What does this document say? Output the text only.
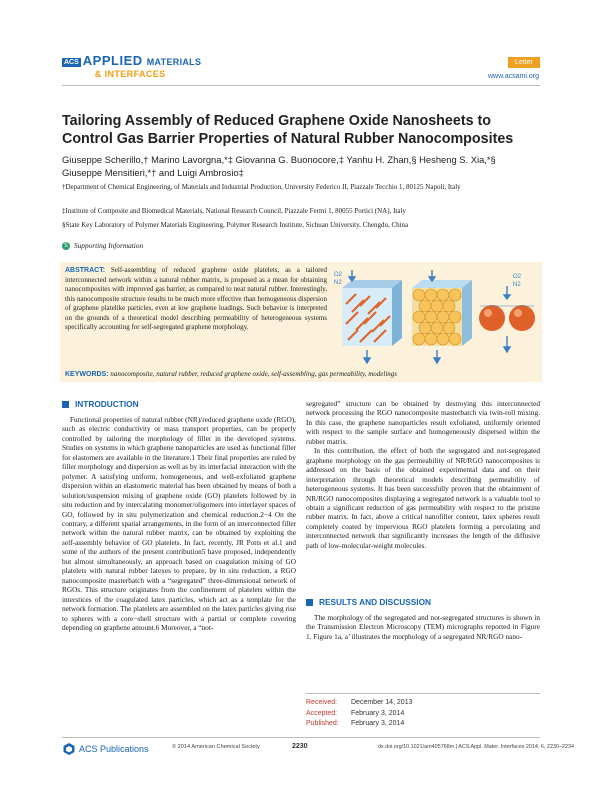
ACS APPLIED MATERIALS
& INTERFACES
Letter
www.acsami.org
Tailoring Assembly of Reduced Graphene Oxide Nanosheets to Control Gas Barrier Properties of Natural Rubber Nanocomposites
Giuseppe Scherillo,† Marino Lavorgna,*‡ Giovanna G. Buonocore,‡ Yanhu H. Zhan,§ Hesheng S. Xia,*§
Giuseppe Mensitieri,*† and Luigi Ambrosio‡
†Department of Chemical Engineering, of Materials and Industrial Production, University Federico II, Piazzale Tecchio 1, 80125 Napoli, Italy
‡Institute of Composite and Biomedical Materials, National Research Council, Piazzale Fermi 1, 80055 Portici (NA), Italy
§State Key Laboratory of Polymer Materials Engineering, Polymer Research Institute, Sichuan University, Chengdu, China
S Supporting Information
ABSTRACT: Self-assembling of reduced graphene oxide platelets, as a tailored interconnected network within a natural rubber matrix, is proposed as a mean for obtaining nanocomposites with improved gas barrier, as compared to neat natural rubber. Interestingly, this nanocomposite structure results to be much more effective than homogeneous dispersion of graphene platelike particles, even at low graphene loadings. Such behavior is interpreted on the grounds of a theoretical model describing permeability of heterogeneous systems specifically accounting for self-segregated graphene morphology.
O2
N2
O2
N2
KEYWORDS: nanocomposite, natural rubber, reduced graphene oxide, self-assembling, gas permeability, modelings
INTRODUCTION

Functional properties of natural rubber (NR)/reduced graphene oxide (RGO), such as electric conductivity or mass transport properties, can be properly controlled by tailoring the morphology of filler in the developed systems. Studies on systems in which graphene nanoparticles are used as functional filler for elastomers are available in the literature.1 Their final properties are ruled by filler morphology and dispersion as well as by its interfacial interaction with the polymer. A satisfying uniform, homogeneous, and well-exfoliated graphene dispersion within an elastomeric material has been obtained by means of both a solution/suspension mixing of graphene oxide (GO) platelets followed by in situ reduction and by intercalating monomer/oligomers into interlayer spaces of GO, followed by in situ polymerization and chemical reduction.2−4 On the contrary, a different spatial arrangements, in the form of an interconnected filler network within the natural rubber matrix, can be obtained by exploiting the self-assembly behavior of GO platelets. In fact, recently, JR Potts et al.1 and some of the authors of the present contribution5 have proposed, independently but almost simultaneously, an approach based on coagulation mixing of GO platelets with natural rubber latexes to prepare, by in situ reduction, a RGO nanocomposite masterbatch with a “segregated” three-dimensional network of RGOs. This structure originates from the confinement of platelets within the interstices of the coagulated latex particles, which act as a template for the network formation. The platelets are assembled on the latex particles giving rise to spheres with a core−shell structure with a partial or complete covering depending on graphene amount.6 Moreover, a “not-

segregated” structure can be obtained by destroying this interconnected network processing the RGO nanocomposite masterbatch via twin-roll mixing. In this case, the graphene nanoparticles result exfoliated, uniformly oriented with respect to the sample surface and homogeneously dispersed within the rubber matrix.

In this contribution, the effect of both the segregated and not-segregated graphene morphology on the gas permeability of NR/RGO nanocomposites is addressed on the basis of the obtained experimental data and on their interpretation through theoretical models describing permeability of heterogeneous systems. It has been successfully proven that the obtainment of NR/RGO nanocomposites displaying a segregated network is a valuable tool to obtain a significant reduction of gas permeability with respect to the pristine rubber matrix. In fact, above a critical nanofiller content, latex spheres result completely coated by impervious RGO platelets forming a percolating and interconnected network that significantly increases the length of the diffusive path of low-molecular-weight molecules.

RESULTS AND DISCUSSION

The morphology of the segregated and not-segregated structures is shown in the Transmission Electron Microscopy (TEM) micrographs reported in Figure 1. Figure 1a, a’ illustrates the morphology of a segregated NR/RGO nano-

Received:	December 14, 2013
Accepted:	February 3, 2014
Published:	February 3, 2014
ACS Publications	© 2014 American Chemical Society	2230	dx.doi.org/10.1021/am405768m | ACS Appl. Mater. Interfaces 2014, 6, 2230−2234
